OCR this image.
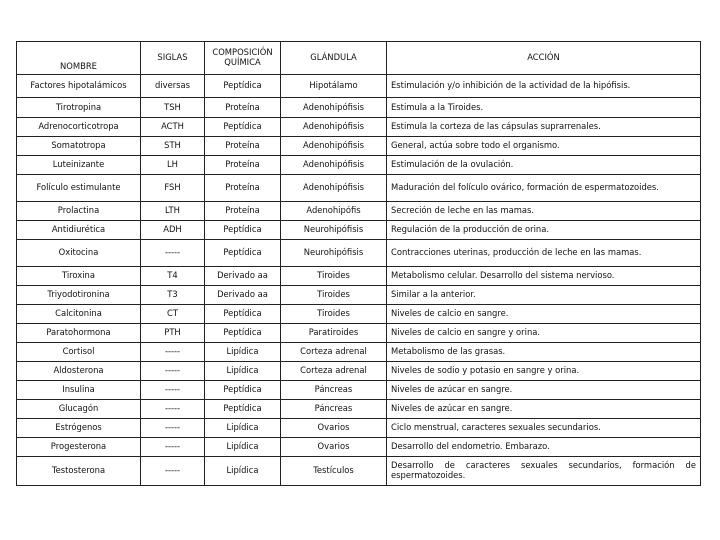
NOMBRE	SIGLAS	COMPOSICIÓN QUÍMICA	GLÁNDULA	ACCIÓN
Factores hipotalámicos	diversas	Peptídica	Hipotálamo	Estimulación y/o inhibición de la actividad de la hipófisis.
Tirotropina	TSH	Proteína	Adenohipófisis	Estimula a la Tiroides.
Adrenocorticotropa	ACTH	Peptídica	Adenohipófisis	Estimula la corteza de las cápsulas suprarrenales.
Somatotropa	STH	Proteína	Adenohipófisis	General, actúa sobre todo el organismo.
Luteinizante	LH	Proteína	Adenohipófisis	Estimulación de la ovulación.
Folículo estimulante	FSH	Proteína	Adenohipófisis	Maduración del folículo ovárico, formación de espermatozoides.
Prolactina	LTH	Proteína	Adenohipófis	Secreción de leche en las mamas.
Antidiurética	ADH	Peptídica	Neurohipófisis	Regulación de la producción de orina.
Oxitocina	-----	Peptídica	Neurohipófisis	Contracciones uterinas, producción de leche en las mamas.
Tiroxina	T4	Derivado aa	Tiroides	Metabolismo celular. Desarrollo del sistema nervioso.
Triyodotironina	T3	Derivado aa	Tiroides	Similar a la anterior.
Calcitonina	CT	Peptídica	Tiroides	Niveles de calcio en sangre.
Paratohormona	PTH	Peptídica	Paratiroides	Niveles de calcio en sangre y orina.
Cortisol	-----	Lipídica	Corteza adrenal	Metabolismo de las grasas.
Aldosterona	-----	Lipídica	Corteza adrenal	Niveles de sodio y potasio en sangre y orina.
Insulina	-----	Peptídica	Páncreas	Niveles de azúcar en sangre.
Glucagón	-----	Peptídica	Páncreas	Niveles de azúcar en sangre.
Estrógenos	-----	Lipídica	Ovarios	Ciclo menstrual, caracteres sexuales secundarios.
Progesterona	-----	Lipídica	Ovarios	Desarrollo del endometrio. Embarazo.
Testosterona	-----	Lipídica	Testículos	Desarrollo de caracteres sexuales secundarios, formación de espermatozoides.
